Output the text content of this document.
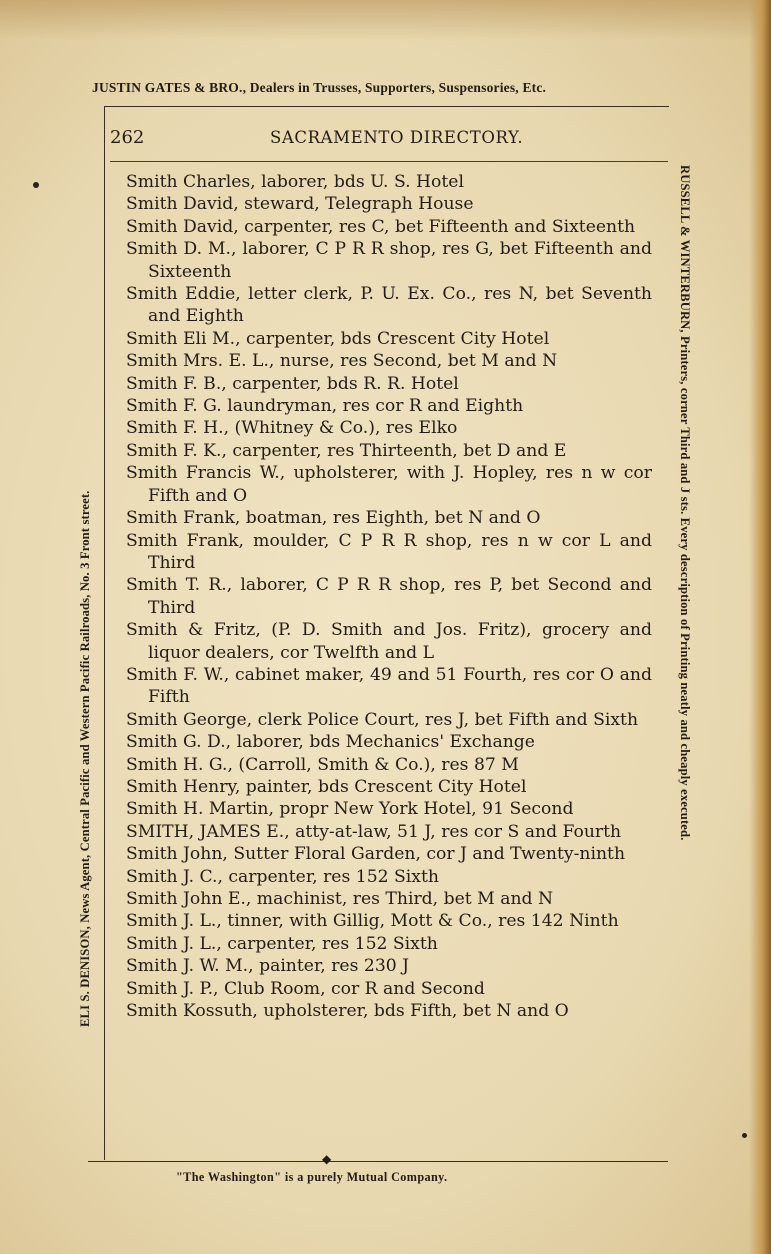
JUSTIN GATES & BRO., Dealers in Trusses, Supporters, Suspensories, Etc.
◆
262	SACRAMENTO DIRECTORY.
Smith Charles, laborer, bds U. S. Hotel
Smith David, steward, Telegraph House
Smith David, carpenter, res C, bet Fifteenth and Sixteenth
Smith D. M., laborer, C P R R shop, res G, bet Fifteenth and Sixteenth
Smith Eddie, letter clerk, P. U. Ex. Co., res N, bet Seventh and Eighth
Smith Eli M., carpenter, bds Crescent City Hotel
Smith Mrs. E. L., nurse, res Second, bet M and N
Smith F. B., carpenter, bds R. R. Hotel
Smith F. G. laundryman, res cor R and Eighth
Smith F. H., (Whitney & Co.), res Elko
Smith F. K., carpenter, res Thirteenth, bet D and E
Smith Francis W., upholsterer, with J. Hopley, res n w cor Fifth and O
Smith Frank, boatman, res Eighth, bet N and O
Smith Frank, moulder, C P R R shop, res n w cor L and Third
Smith T. R., laborer, C P R R shop, res P, bet Second and Third
Smith & Fritz, (P. D. Smith and Jos. Fritz), grocery and liquor dealers, cor Twelfth and L
Smith F. W., cabinet maker, 49 and 51 Fourth, res cor O and Fifth
Smith George, clerk Police Court, res J, bet Fifth and Sixth
Smith G. D., laborer, bds Mechanics' Exchange
Smith H. G., (Carroll, Smith & Co.), res 87 M
Smith Henry, painter, bds Crescent City Hotel
Smith H. Martin, propr New York Hotel, 91 Second
SMITH, JAMES E., atty-at-law, 51 J, res cor S and Fourth
Smith John, Sutter Floral Garden, cor J and Twenty-ninth
Smith J. C., carpenter, res 152 Sixth
Smith John E., machinist, res Third, bet M and N
Smith J. L., tinner, with Gillig, Mott & Co., res 142 Ninth
Smith J. L., carpenter, res 152 Sixth
Smith J. W. M., painter, res 230 J
Smith J. P., Club Room, cor R and Second
Smith Kossuth, upholsterer, bds Fifth, bet N and O
ELI S. DENISON, News Agent, Central Pacific and Western Pacific Railroads, No. 3 Front street.	RUSSELL & WINTERBURN, Printers, corner Third and J sts. Every description of Printing neatly and cheaply executed.
"The Washington" is a purely Mutual Company.
